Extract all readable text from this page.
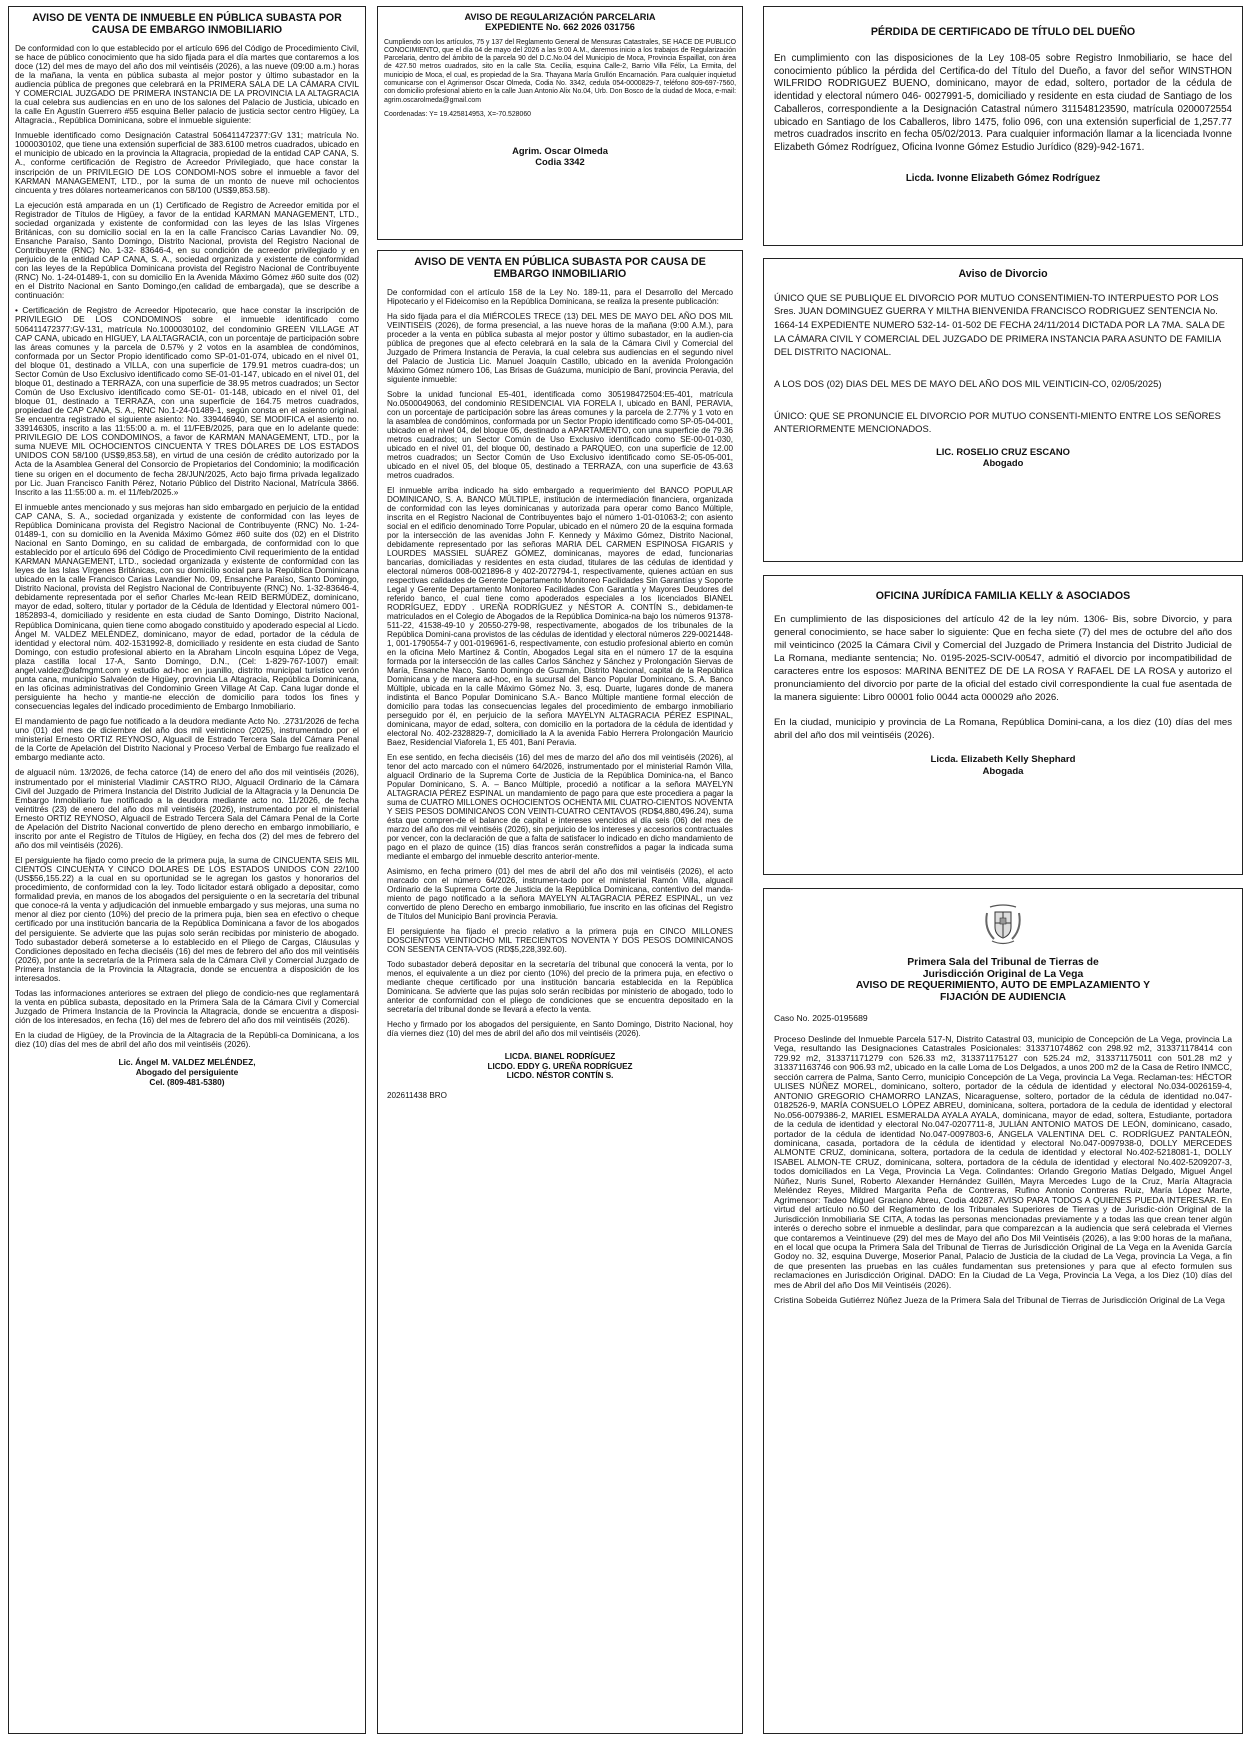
AVISO DE VENTA DE INMUEBLE EN PÚBLICA SUBASTA POR CAUSA DE EMBARGO INMOBILIARIO

De conformidad con lo que establecido por el artículo 696 del Código de Procedimiento Civil, se hace de público conocimiento que ha sido fijada para el día martes que contaremos a los doce (12) del mes de mayo del año dos mil veintiséis (2026), a las nueve (09:00 a.m.) horas de la mañana, la venta en pública subasta al mejor postor y último subastador en la audiencia pública de pregones que celebrará en la PRIMERA SALA DE LA CÁMARA CIVIL Y COMERCIAL JUZGADO DE PRIMERA INSTANCIA DE LA PROVINCIA LA ALTAGRACIA la cual celebra sus audiencias en en uno de los salones del Palacio de Justicia, ubicado en la calle En Agustín Guerrero #55 esquina Beller palacio de justicia sector centro Higüey, La Altagracia., República Dominicana, sobre el inmueble siguiente:

Inmueble identificado como Designación Catastral 506411472377:GV 131; matrícula No. 1000030102, que tiene una extensión superficial de 383.6100 metros cuadrados, ubicado en el municipio de ubicado en la provincia la Altagracia, propiedad de la entidad CAP CANA, S. A., conforme certificación de Registro de Acreedor Privilegiado, que hace constar la inscripción de un PRIVILEGIO DE LOS CONDOMI-NOS sobre el inmueble a favor del KARMAN MANAGEMENT, LTD., por la suma de un monto de nueve mil ochocientos cincuenta y tres dólares norteamericanos con 58/100 (US$9,853.58).

La ejecución está amparada en un (1) Certificado de Registro de Acreedor emitida por el Registrador de Títulos de Higüey, a favor de la entidad KARMAN MANAGEMENT, LTD., sociedad organizada y existente de conformidad con las leyes de las Islas Vírgenes Británicas, con su domicilio social en la en la calle Francisco Carias Lavandier No. 09, Ensanche Paraíso, Santo Domingo, Distrito Nacional, provista del Registro Nacional de Contribuyente (RNC) No. 1-32- 83646-4, en su condición de acreedor privilegiado y en perjuicio de la entidad CAP CANA, S. A., sociedad organizada y existente de conformidad con las leyes de la República Dominicana provista del Registro Nacional de Contribuyente (RNC) No. 1-24-01489-1, con su domicilio En la Avenida Máximo Gómez #60 suite dos (02) en el Distrito Nacional en Santo Domingo,(en calidad de embargada), que se describe a continuación:

• Certificación de Registro de Acreedor Hipotecario, que hace constar la inscripción de PRIVILEGIO DE LOS CONDOMINOS sobre el inmueble identificado como 506411472377:GV-131, matrícula No.1000030102, del condominio GREEN VILLAGE AT CAP CANA, ubicado en HIGUEY, LA ALTAGRACIA, con un porcentaje de participación sobre las áreas comunes y la parcela de 0.57% y 2 votos en la asamblea de condóminos, conformada por un Sector Propio identificado como SP-01-01-074, ubicado en el nivel 01, del bloque 01, destinado a VILLA, con una superficie de 179.91 metros cuadra-dos; un Sector Común de Uso Exclusivo identificado como SE-01-01-147, ubicado en el nivel 01, del bloque 01, destinado a TERRAZA, con una superficie de 38.95 metros cuadrados; un Sector Común de Uso Exclusivo identificado como SE-01- 01-148, ubicado en el nivel 01, del bloque 01, destinado a TERRAZA, con una superficie de 164.75 metros cuadrados, propiedad de CAP CANA, S. A., RNC No.1-24-01489-1, según consta en el asiento original. Se encuentra registrado el siguiente asiento: No. 339446940, SE MODIFICA el asiento no. 339146305, inscrito a las 11:55:00 a. m. el 11/FEB/2025, para que en lo adelante quede: PRIVILEGIO DE LOS CONDOMINOS, a favor de KARMAN MANAGEMENT, LTD., por la suma NUEVE MIL OCHOCIENTOS CINCUENTA Y TRES DÓLARES DE LOS ESTADOS UNIDOS CON 58/100 (US$9,853.58), en virtud de una cesión de crédito autorizado por la Acta de la Asamblea General del Consorcio de Propietarios del Condominio; la modificación tiene su origen en el documento de fecha 28/JUN/2025, Acto bajo firma privada legalizado por Lic. Juan Francisco Fanith Pérez, Notario Público del Distrito Nacional, Matrícula 3866. Inscrito a las 11:55:00 a. m. el 11/feb/2025.»

El inmueble antes mencionado y sus mejoras han sido embargado en perjuicio de la entidad CAP CANA, S. A., sociedad organizada y existente de conformidad con las leyes de República Dominicana provista del Registro Nacional de Contribuyente (RNC) No. 1-24-01489-1, con su domicilio en la Avenida Máximo Gómez #60 suite dos (02) en el Distrito Nacional en Santo Domingo, en su calidad de embargada, de conformidad con lo que establecido por el artículo 696 del Código de Procedimiento Civil requerimiento de la entidad KARMAN MANAGEMENT, LTD., sociedad organizada y existente de conformidad con las leyes de las Islas Vírgenes Británicas, con su domicilio social para la República Dominicana ubicado en la calle Francisco Carias Lavandier No. 09, Ensanche Paraíso, Santo Domingo, Distrito Nacional, provista del Registro Nacional de Contribuyente (RNC) No. 1-32-83646-4, debidamente representada por el señor Charles Mc-lean REID BERMÚDEZ, dominicano, mayor de edad, soltero, titular y portador de la Cédula de Identidad y Electoral número 001-1852893-4, domiciliado y residente en esta ciudad de Santo Domingo, Distrito Nacional, República Dominicana, quien tiene como abogado constituido y apoderado especial al Licdo. Ángel M. VALDEZ MELÉNDEZ, dominicano, mayor de edad, portador de la cédula de identidad y electoral núm. 402-1531992-8, domiciliado y residente en esta ciudad de Santo Domingo, con estudio profesional abierto en la Abraham Lincoln esquina López de Vega, plaza castilla local 17-A, Santo Domingo, D.N., (Cel: 1-829-767-1007) email: angel.valdez@dafmgmt.com y estudio ad-hoc en juanillo, distrito municipal turístico verón punta cana, municipio Salvaleón de Higüey, provincia La Altagracia, República Dominicana, en las oficinas administrativas del Condominio Green Village At Cap. Cana lugar donde el persiguiente ha hecho y mantie-ne elección de domicilio para todos los fines y consecuencias legales del indicado procedimiento de Embargo Inmobiliario.

El mandamiento de pago fue notificado a la deudora mediante Acto No. .2731/2026 de fecha uno (01) del mes de diciembre del año dos mil veinticinco (2025), instrumentado por el ministerial Ernesto ORTIZ REYNOSO, Alguacil de Estrado Tercera Sala del Cámara Penal de la Corte de Apelación del Distrito Nacional y Proceso Verbal de Embargo fue realizado el embargo mediante acto.

de alguacil núm. 13/2026, de fecha catorce (14) de enero del año dos mil veintiséis (2026), instrumentado por el ministerial Vladimir CASTRO RIJO, Alguacil Ordinario de la Cámara Civil del Juzgado de Primera Instancia del Distrito Judicial de la Altagracia y la Denuncia De Embargo Inmobiliario fue notificado a la deudora mediante acto no. 11/2026, de fecha veintitrés (23) de enero del año dos mil veintiséis (2026), instrumentado por el ministerial Ernesto ORTIZ REYNOSO, Alguacil de Estrado Tercera Sala del Cámara Penal de la Corte de Apelación del Distrito Nacional convertido de pleno derecho en embargo inmobiliario, e inscrito por ante el Registro de Títulos de Higüey, en fecha dos (2) del mes de febrero del año dos mil veintiséis (2026).

El persiguiente ha fijado como precio de la primera puja, la suma de CINCUENTA SEIS MIL CIENTOS CINCUENTA Y CINCO DOLARES DE LOS ESTADOS UNIDOS CON 22/100 (US$56,155.22) a la cual en su oportunidad se le agregan los gastos y honorarios del procedimiento, de conformidad con la ley. Todo licitador estará obligado a depositar, como formalidad previa, en manos de los abogados del persiguiente o en la secretaría del tribunal que conoce-rá la venta y adjudicación del inmueble embargado y sus mejoras, una suma no menor al diez por ciento (10%) del precio de la primera puja, bien sea en efectivo o cheque certificado por una institución bancaria de la República Dominicana a favor de los abogados del persiguiente. Se advierte que las pujas solo serán recibidas por ministerio de abogado. Todo subastador deberá someterse a lo establecido en el Pliego de Cargas, Cláusulas y Condiciones depositado en fecha dieciséis (16) del mes de febrero del año dos mil veintiséis (2026), por ante la secretaría de la Primera sala de la Cámara Civil y Comercial Juzgado de Primera Instancia de la Provincia la Altagracia, donde se encuentra a disposición de los interesados.

Todas las informaciones anteriores se extraen del pliego de condicio-nes que reglamentará la venta en pública subasta, depositado en la Primera Sala de la Cámara Civil y Comercial Juzgado de Primera Instancia de la Provincia la Altagracia, donde se encuentra a disposi-ción de los interesados, en fecha (16) del mes de febrero del año dos mil veintiséis (2026).

En la ciudad de Higüey, de la Provincia de la Altagracia de la Repúbli-ca Dominicana, a los diez (10) días del mes de abril del año dos mil veintiséis (2026).

Lic. Ángel M. VALDEZ MELÉNDEZ,
Abogado del persiguiente
Cel. (809-481-5380)
AVISO DE REGULARIZACIÓN PARCELARIA
EXPEDIENTE No. 662 2026 031756

Cumpliendo con los artículos, 75 y 137 del Reglamento General de Mensuras Catastrales, SE HACE DE PUBLICO CONOCIMIENTO, que el día 04 de mayo del 2026 a las 9:00 A.M., daremos inicio a los trabajos de Regularización Parcelaria, dentro del ámbito de la parcela 90 del D.C.No.04 del Municipio de Moca, Provincia Espaillat, con área de 427.50 metros cuadrados, sito en la calle Sta. Cecilia, esquina Calle-2, Barrio Villa Félix, La Ermita, del municipio de Moca, el cual, es propiedad de la Sra. Thayana María Grullón Encarnación. Para cualquier inquietud comunicarse con el Agrimensor Oscar Olmeda, Codia No. 3342, cedula 054-0000829-7, teléfono 809-697-7560, con domicilio profesional abierto en la calle Juan Antonio Alix No.04, Urb. Don Bosco de la ciudad de Moca, e-mail: agrim.oscarolmeda@gmail.com

Coordenadas: Y= 19.425814953, X=-70.528060

Agrim. Oscar Olmeda
Codia 3342
AVISO DE VENTA EN PÚBLICA SUBASTA POR CAUSA DE EMBARGO INMOBILIARIO

De conformidad con el artículo 158 de la Ley No. 189-11, para el Desarrollo del Mercado Hipotecario y el Fideicomiso en la República Dominicana, se realiza la presente publicación:

Ha sido fijada para el día MIÉRCOLES TRECE (13) DEL MES DE MAYO DEL AÑO DOS MIL VEINTISEIS (2026), de forma presencial, a las nueve horas de la mañana (9:00 A.M.), para proceder a la venta en pública subasta al mejor postor y último subastador, en la audien-cia pública de pregones que al efecto celebrará en la sala de la Cámara Civil y Comercial del Juzgado de Primera Instancia de Peravia, la cual celebra sus audiencias en el segundo nivel del Palacio de Justicia Lic. Manuel Joaquín Castillo, ubicado en la avenida Prolongación Máximo Gómez número 106, Las Brisas de Guázuma, municipio de Baní, provincia Peravia, del siguiente inmueble:

Sobre la unidad funcional E5-401, identificada como 305198472504:E5-401, matrícula No.0500049063, del condominio RESIDENCIAL VIA FORELA I, ubicado en BANÍ, PERAVIA, con un porcentaje de participación sobre las áreas comunes y la parcela de 2.77% y 1 voto en la asamblea de condóminos, conformada por un Sector Propio identificado como SP-05-04-001, ubicado en el nivel 04, del bloque 05, destinado a APARTAMENTO, con una superficie de 79.36 metros cuadrados; un Sector Común de Uso Exclusivo identificado como SE-00-01-030, ubicado en el nivel 01, del bloque 00, destinado a PARQUEO, con una superficie de 12.00 metros cuadrados; un Sector Común de Uso Exclusivo identificado como SE-05-05-001, ubicado en el nivel 05, del bloque 05, destinado a TERRAZA, con una superficie de 43.63 metros cuadrados.

El inmueble arriba indicado ha sido embargado a requerimiento del BANCO POPULAR DOMINICANO, S. A. BANCO MÚLTIPLE, institución de intermediación financiera, organizada de conformidad con las leyes dominicanas y autorizada para operar como Banco Múltiple, inscrita en el Registro Nacional de Contribuyentes bajo el número 1-01-01063-2; con asiento social en el edificio denominado Torre Popular, ubicado en el número 20 de la esquina formada por la intersección de las avenidas John F. Kennedy y Máximo Gómez, Distrito Nacional, debidamente representado por las señoras MARIA DEL CARMEN ESPINOSA FIGARIS y LOURDES MASSIEL SUÁREZ GÓMEZ, dominicanas, mayores de edad, funcionarias bancarias, domiciliadas y residentes en esta ciudad, titulares de las cédulas de identidad y electoral números 008-0021896-8 y 402-2072794-1, respectivamente, quienes actúan en sus respectivas calidades de Gerente Departamento Monitoreo Facilidades Sin Garantías y Soporte Legal y Gerente Departamento Monitoreo Facilidades Con Garantía y Mayores Deudores del referido banco, el cual tiene como apoderados especiales a los licenciados BIANEL RODRÍGUEZ, EDDY . UREÑA RODRÍGUEZ y NÉSTOR A. CONTÍN S., debidamen-te matriculados en el Colegio de Abogados de la República Dominica-na bajo los números 91378-511-22, 41538-49-10 y 20550-279-98, respectivamente, abogados de los tribunales de la República Domini-cana provistos de las cédulas de identidad y electoral números 229-0021448-1, 001-1790554-7 y 001-0196961-6, respectivamente, con estudio profesional abierto en común en la oficina Melo Martínez & Contín, Abogados Legal sita en el número 17 de la esquina formada por la intersección de las calles Carlos Sánchez y Sánchez y Prolongación Siervas de María, Ensanche Naco, Santo Domingo de Guzmán, Distrito Nacional, capital de la República Dominicana y de manera ad-hoc, en la sucursal del Banco Popular Dominicano, S. A. Banco Múltiple, ubicada en la calle Máximo Gómez No. 3, esq. Duarte, lugares donde de manera indistinta el Banco Popular Dominicano S.A.- Banco Múltiple mantiene formal elección de domicilio para todas las consecuencias legales del procedimiento de embargo inmobiliario perseguido por él, en perjuicio de la señora MAYELYN ALTAGRACIA PÉREZ ESPINAL, dominicana, mayor de edad, soltera, con domicilio en la portadora de la cédula de identidad y electoral No. 402-2328829-7, domiciliado la A la avenida Fabio Herrera Prolongación Mauricio Baez, Residencial Viaforela 1, E5 401, Baní Peravia.

En ese sentido, en fecha dieciséis (16) del mes de marzo del año dos mil veintiséis (2026), al tenor del acto marcado con el número 64/2026, instrumentado por el ministerial Ramón Villa, alguacil Ordinario de la Suprema Corte de Justicia de la República Dominica-na, el Banco Popular Dominicano, S. A. – Banco Múltiple, procedió a notificar a la señora MAYELYN ALTAGRACIA PÉREZ ESPINAL un mandamiento de pago para que este procediera a pagar la suma de CUATRO MILLONES OCHOCIENTOS OCHENTA MIL CUATRO-CIENTOS NOVENTA Y SEIS PESOS DOMINICANOS CON VEINTI-CUATRO CENTAVOS (RD$4,880,496.24), suma ésta que compren-de el balance de capital e intereses vencidos al día seis (06) del mes de marzo del año dos mil veintiséis (2026), sin perjuicio de los intereses y accesorios contractuales por vencer, con la declaración de que a falta de satisfacer lo indicado en dicho mandamiento de pago en el plazo de quince (15) días francos serán constreñidos a pagar la indicada suma mediante el embargo del inmueble descrito anterior-mente.

Asimismo, en fecha primero (01) del mes de abril del año dos mil veintiséis (2026), el acto marcado con el número 64/2026, instrumen-tado por el ministerial Ramón Villa, alguacil Ordinario de la Suprema Corte de Justicia de la República Dominicana, contentivo del manda-miento de pago notificado a la señora MAYELYN ALTAGRACIA PÉREZ ESPINAL, un vez convertido de pleno Derecho en embargo inmobiliario, fue inscrito en las oficinas del Registro de Títulos del Municipio Baní provincia Peravia.

El persiguiente ha fijado el precio relativo a la primera puja en CINCO MILLONES DOSCIENTOS VEINTIOCHO MIL TRECIENTOS NOVENTA Y DOS PESOS DOMINICANOS CON SESENTA CENTA-VOS (RD$5,228,392.60).

Todo subastador deberá depositar en la secretaría del tribunal que conocerá la venta, por lo menos, el equivalente a un diez por ciento (10%) del precio de la primera puja, en efectivo o mediante cheque certificado por una institución bancaria establecida en la República Dominicana. Se advierte que las pujas solo serán recibidas por ministerio de abogado, todo lo anterior de conformidad con el pliego de condiciones que se encuentra depositado en la secretaría del tribunal donde se llevará a efecto la venta.

Hecho y firmado por los abogados del persiguiente, en Santo Domingo, Distrito Nacional, hoy día viernes diez (10) del mes de abril del año dos mil veintiséis (2026).

LICDA. BIANEL RODRÍGUEZ
LICDO. EDDY G. UREÑA RODRÍGUEZ
LICDO. NÉSTOR CONTÍN S.
202611438 BRO
PÉRDIDA DE CERTIFICADO DE TÍTULO DEL DUEÑO

En cumplimiento con las disposiciones de la Ley 108-05 sobre Registro Inmobiliario, se hace del conocimiento público la pérdida del Certifica-do del Título del Dueño, a favor del señor WINSTHON WILFRIDO RODRIGUEZ BUENO, dominicano, mayor de edad, soltero, portador de la cédula de identidad y electoral número 046- 0027991-5, domiciliado y residente en esta ciudad de Santiago de los Caballeros, correspondiente a la Designación Catastral número 311548123590, matrícula 0200072554 ubicado en Santiago de los Caballeros, libro 1475, folio 096, con una extensión superficial de 1,257.77 metros cuadrados inscrito en fecha 05/02/2013. Para cualquier información llamar a la licenciada Ivonne Elizabeth Gómez Rodríguez, Oficina Ivonne Gómez Estudio Jurídico (829)-942-1671.

Licda. Ivonne Elizabeth Gómez Rodríguez
Aviso de Divorcio

ÚNICO QUE SE PUBLIQUE EL DIVORCIO POR MUTUO CONSENTIMIEN-TO INTERPUESTO POR LOS Sres. JUAN DOMINGUEZ GUERRA Y MILTHA BIENVENIDA FRANCISCO RODRIGUEZ SENTENCIA No. 1664-14 EXPEDIENTE NUMERO 532-14- 01-502 DE FECHA 24/11/2014 DICTADA POR LA 7MA. SALA DE LA CÁMARA CIVIL Y COMERCIAL DEL JUZGADO DE PRIMERA INSTANCIA PARA ASUNTO DE FAMILIA DEL DISTRITO NACIONAL.

A LOS DOS (02) DIAS DEL MES DE MAYO DEL AÑO DOS MIL VEINTICIN-CO, 02/05/2025)

ÚNICO: QUE SE PRONUNCIE EL DIVORCIO POR MUTUO CONSENTI-MIENTO ENTRE LOS SEÑORES ANTERIORMENTE MENCIONADOS.

LIC. ROSELIO CRUZ ESCANO
Abogado
OFICINA JURÍDICA FAMILIA KELLY & ASOCIADOS

En cumplimiento de las disposiciones del artículo 42 de la ley núm. 1306- Bis, sobre Divorcio, y para general conocimiento, se hace saber lo siguiente: Que en fecha siete (7) del mes de octubre del año dos mil veinticinco (2025 la Cámara Civil y Comercial del Juzgado de Primera Instancia del Distrito Judicial de La Romana, mediante sentencia; No. 0195-2025-SCIV-00547, admitió el divorcio por incompatibilidad de caracteres entre los esposos: MARINA BENITEZ DE DE LA ROSA Y RAFAEL DE LA ROSA y autorizo el pronunciamiento del divorcio por parte de la oficial del estado civil correspondiente la cual fue asentada de la manera siguiente: Libro 00001 folio 0044 acta 000029 año 2026.

En la ciudad, municipio y provincia de La Romana, República Domini-cana, a los diez (10) días del mes abril del año dos mil veintiséis (2026).

Licda. Elizabeth Kelly Shephard
Abogada
Primera Sala del Tribunal de Tierras de
Jurisdicción Original de La Vega
AVISO DE REQUERIMIENTO, AUTO DE EMPLAZAMIENTO Y
FIJACIÓN DE AUDIENCIA

Caso No. 2025-0195689

Proceso Deslinde del Inmueble Parcela 517-N, Distrito Catastral 03, municipio de Concepción de La Vega, provincia La Vega, resultando las Designaciones Catastrales Posicionales: 313371074862 con 298.92 m2, 313371178414 con 729.92 m2, 313371171279 con 526.33 m2, 313371175127 con 525.24 m2, 313371175011 con 501.28 m2 y 313371163746 con 906.93 m2, ubicado en la calle Loma de Los Delgados, a unos 200 m2 de la Casa de Retiro INMCC, sección carrera de Palma, Santo Cerro, municipio Concepción de La Vega, provincia La Vega. Reclaman-tes: HÉCTOR ULISES NÚÑEZ MOREL, dominicano, soltero, portador de la cédula de identidad y electoral No.034-0026159-4, ANTONIO GREGORIO CHAMORRO LANZAS, Nicaraguense, soltero, portador de la cédula de identidad no.047-0182526-9, MARÍA CONSUELO LÓPEZ ABREU, dominicana, soltera, portadora de la cedula de identidad y electoral No.056-0079386-2, MARIEL ESMERALDA AYALA AYALA, dominicana, mayor de edad, soltera, Estudiante, portadora de la cedula de identidad y electoral No.047-0207711-8, JULIÁN ANTONIO MATOS DE LEÓN, dominicano, casado, portador de la cédula de identidad No.047-0097803-6, ÁNGELA VALENTINA DEL C. RODRÍGUEZ PANTALEÓN, dominicana, casada, portadora de la cédula de identidad y electoral No.047-0097938-0, DOLLY MERCEDES ALMONTE CRUZ, dominicana, soltera, portadora de la cedula de identidad y electoral No.402-5218081-1, DOLLY ISABEL ALMON-TE CRUZ, dominicana, soltera, portadora de la cédula de identidad y electoral No.402-5209207-3, todos domiciliados en La Vega, Provincia La Vega. Colindantes: Orlando Gregorio Matías Delgado, Miguel Ángel Núñez, Nuris Sunel, Roberto Alexander Hernández Guillén, Mayra Mercedes Lugo de la Cruz, María Altagracia Meléndez Reyes, Mildred Margarita Peña de Contreras, Rufino Antonio Contreras Ruiz, María López Marte, Agrimensor: Tadeo Miguel Graciano Abreu, Codia 40287. AVISO PARA TODOS A QUIENES PUEDA INTERESAR. En virtud del artículo no.50 del Reglamento de los Tribunales Superiores de Tierras y de Jurisdic-ción Original de la Jurisdicción Inmobiliaria SE CITA, A todas las personas mencionadas previamente y a todas las que crean tener algún interés o derecho sobre el inmueble a deslindar, para que comparezcan a la audiencia que será celebrada el Viernes que contaremos a Veintinueve (29) del mes de Mayo del año Dos Mil Veintiséis (2026), a las 9:00 horas de la mañana, en el local que ocupa la Primera Sala del Tribunal de Tierras de Jurisdicción Original de La Vega en la Avenida García Godoy no. 32, esquina Duverge, Moserior Panal, Palacio de Justicia de la ciudad de La Vega, provincia La Vega, a fin de que presenten las pruebas en las cuáles fundamentan sus pretensiones y para que al efecto formulen sus reclamaciones en Jurisdicción Original. DADO: En la Ciudad de La Vega, Provincia La Vega, a los Diez (10) días del mes de Abril del año Dos Mil Veintiséis (2026).

Cristina Sobeida Gutiérrez Núñez Jueza de la Primera Sala del Tribunal de Tierras de Jurisdicción Original de La Vega
